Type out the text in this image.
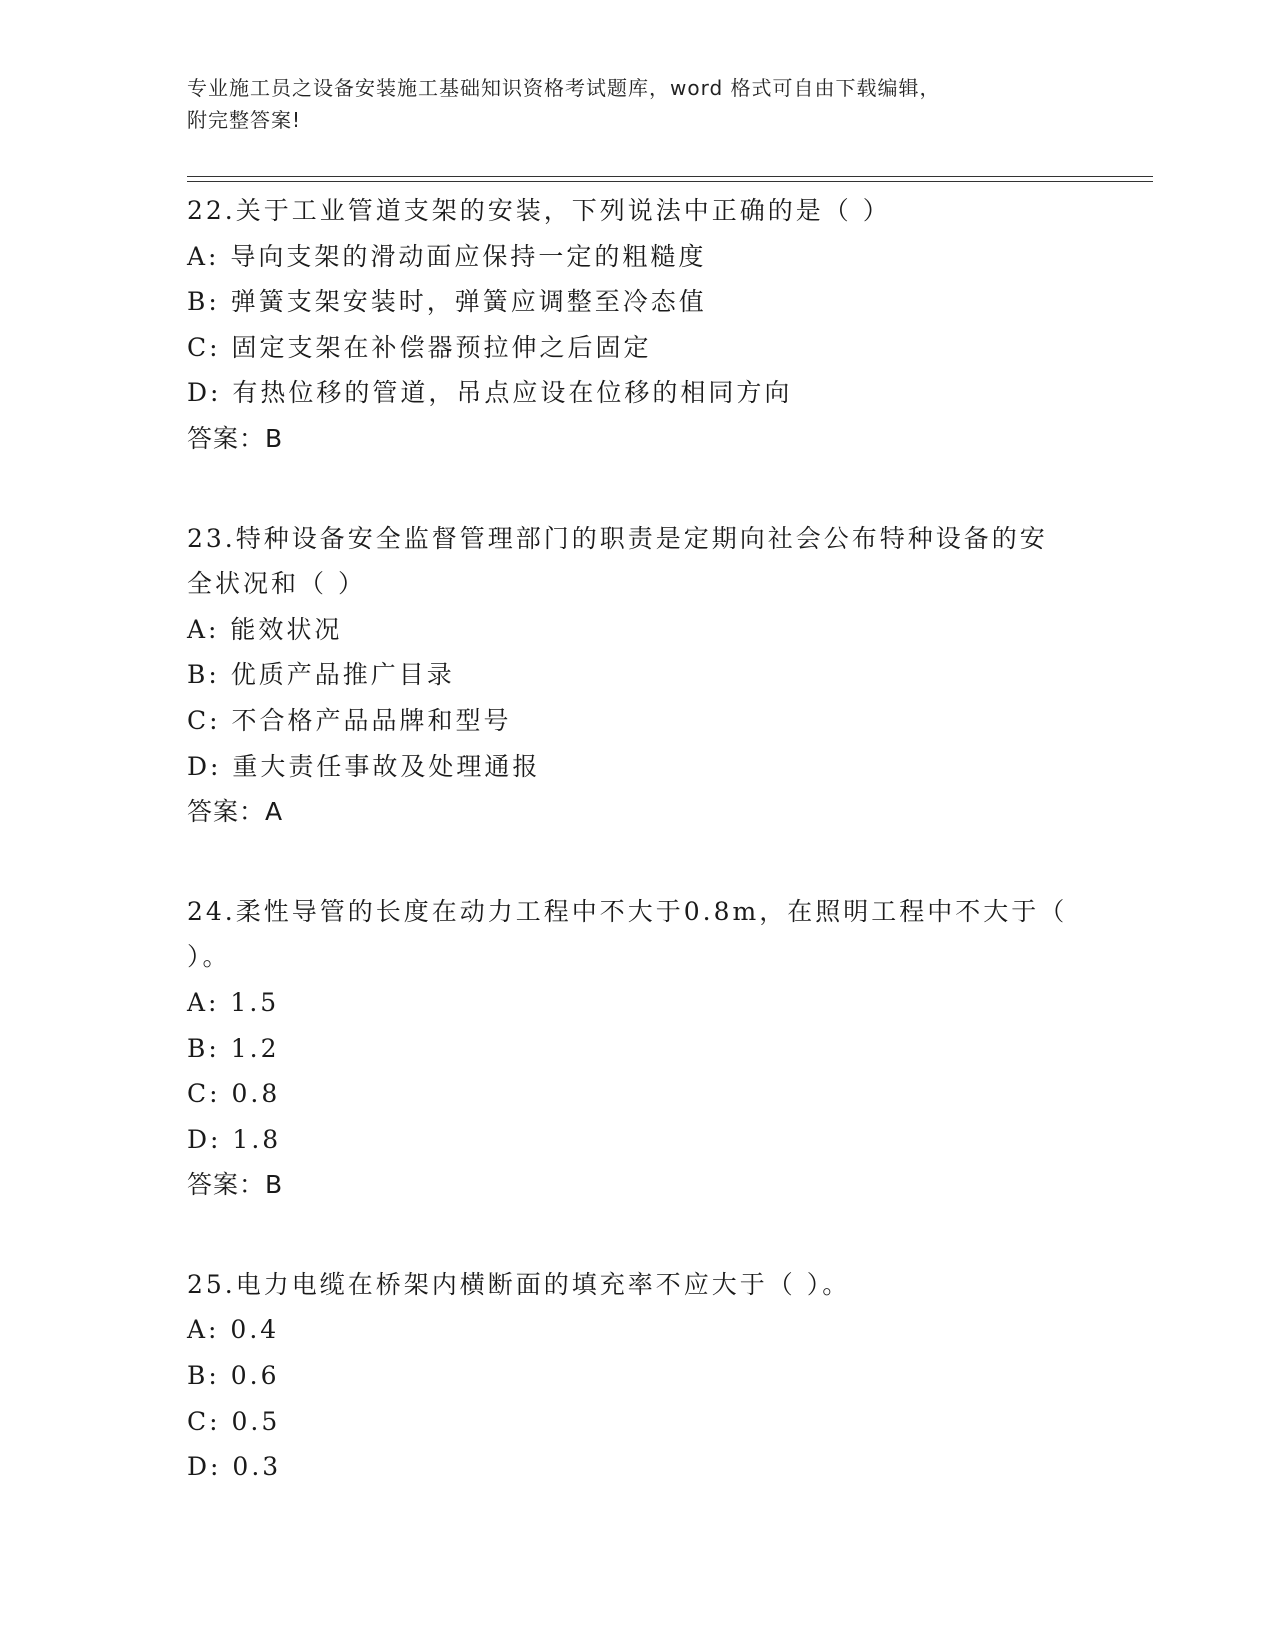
专业施工员之设备安装施工基础知识资格考试题库，word 格式可自由下载编辑，
附完整答案!
22.关于工业管道支架的安装，下列说法中正确的是（ ）
A: 导向支架的滑动面应保持一定的粗糙度
B: 弹簧支架安装时，弹簧应调整至冷态值
C: 固定支架在补偿器预拉伸之后固定
D: 有热位移的管道，吊点应设在位移的相同方向
答案：B
23.特种设备安全监督管理部门的职责是定期向社会公布特种设备的安
全状况和（ ）
A: 能效状况
B: 优质产品推广目录
C: 不合格产品品牌和型号
D: 重大责任事故及处理通报
答案：A
24.柔性导管的长度在动力工程中不大于0.8m，在照明工程中不大于（
）。
A: 1.5
B: 1.2
C: 0.8
D: 1.8
答案：B
25.电力电缆在桥架内横断面的填充率不应大于（ ）。
A: 0.4
B: 0.6
C: 0.5
D: 0.3
